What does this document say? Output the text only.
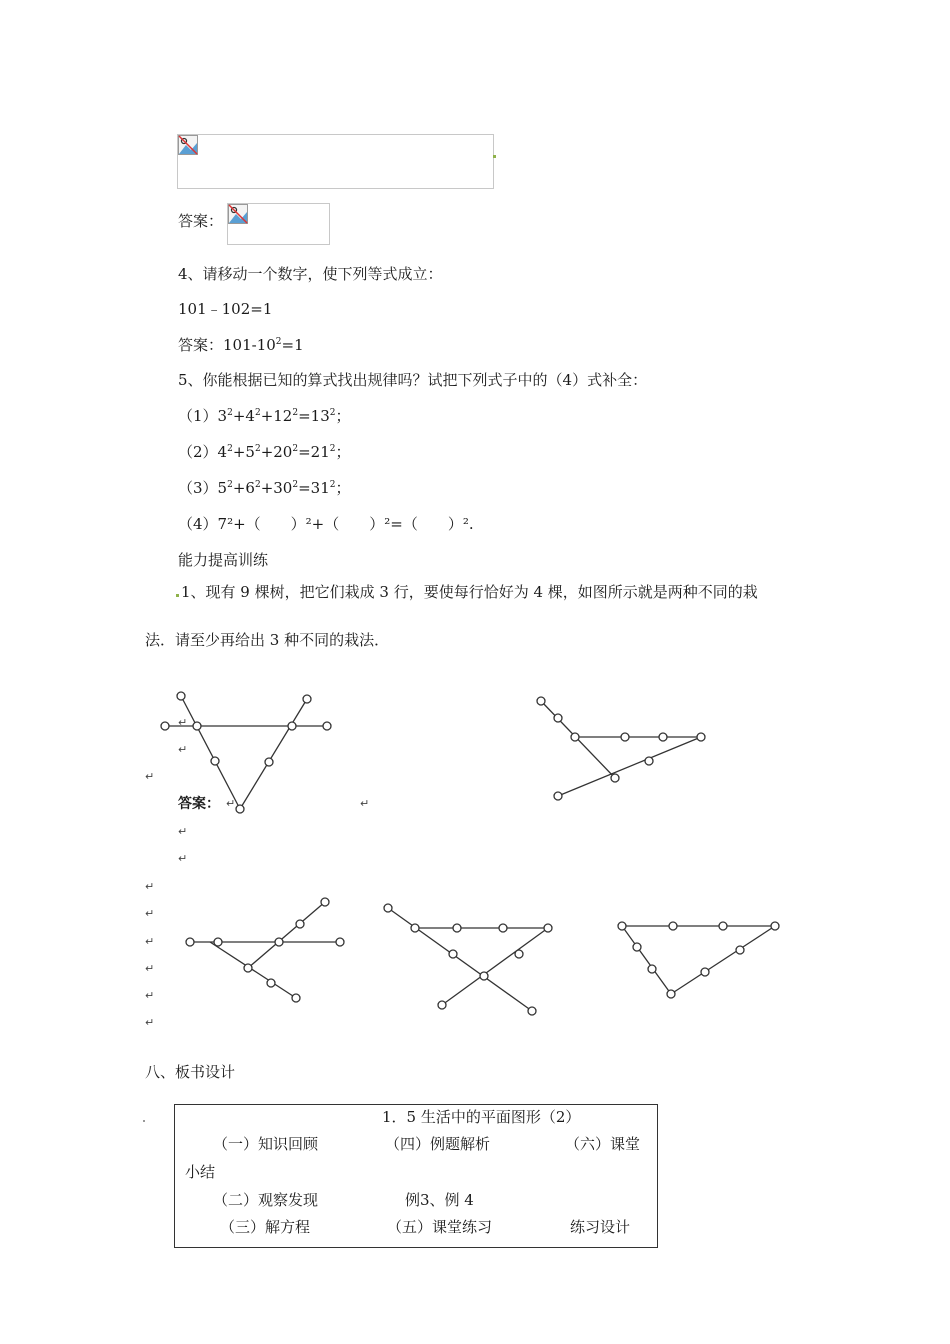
答案：
4、请移动一个数字，使下列等式成立：
101﹣102=1
答案：$101-10^2=1$
5、你能根据已知的算式找出规律吗？试把下列式子中的（4）式补全：
$(1)3^2+4^2+12^2=13^2$；
$(2)4^2+5^2+20^2=21^2$；
$(3)5^2+6^2+30^2=31^2$；
（4）7²+（　　）²+（　　）²=（　　）².
能力提高训练
1、现有 9 棵树，把它们栽成 3 行，要使每行恰好为 4 棵，如图所示就是两种不同的栽
法．请至少再给出 3 种不同的栽法．
↵
↵
↵
答案： ↵	↵
↵
↵
↵
↵
↵
↵
↵
↵
八、板书设计
1．5 生活中的平面图形（2）
（一）知识回顾	（四）例题解析	（六）课堂
小结
（二）观察发现	例3、例 4
（三）解方程	（五）课堂练习	练习设计
